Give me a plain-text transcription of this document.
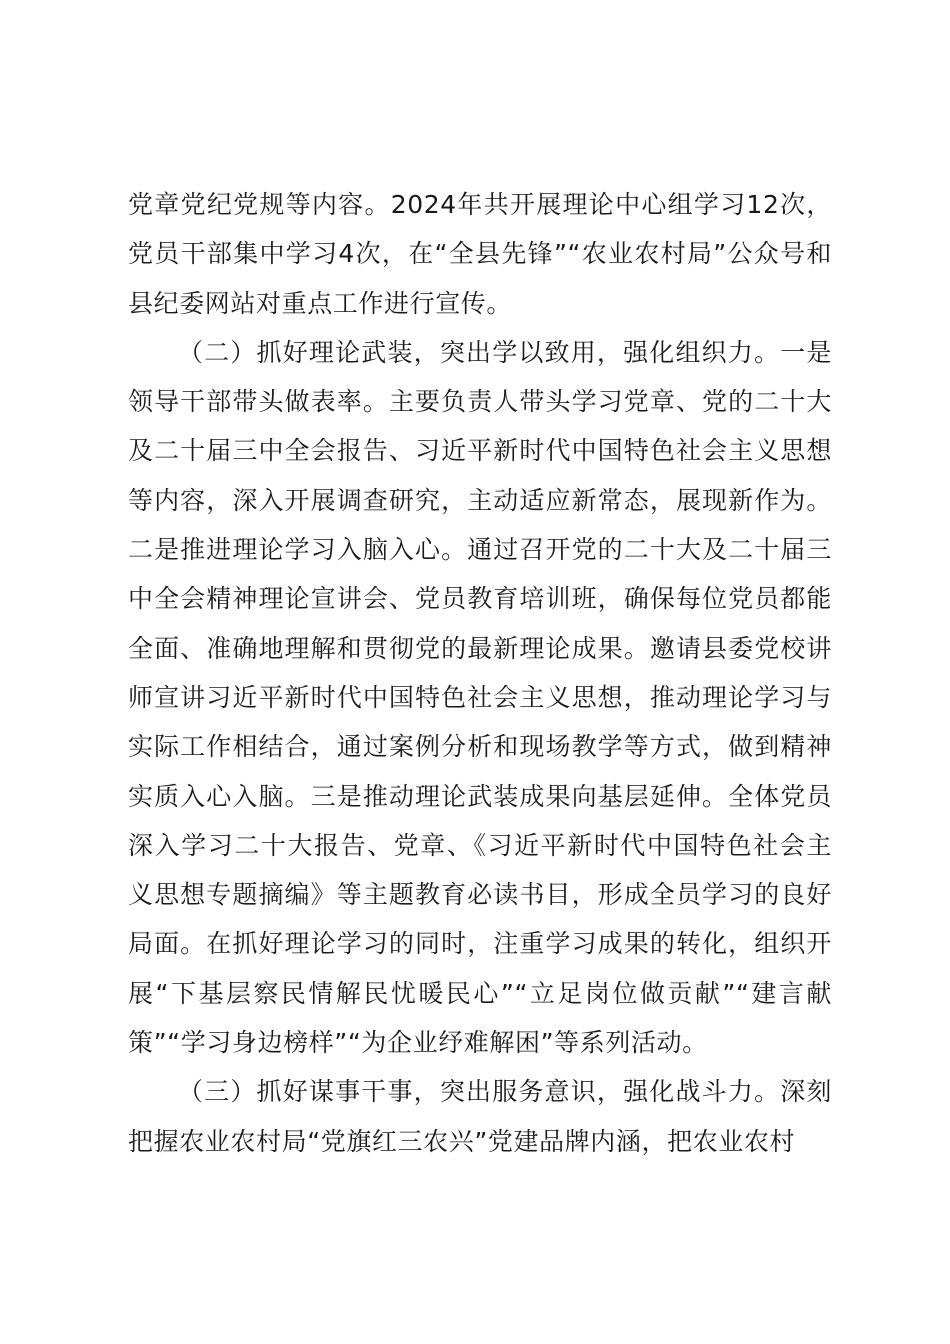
党章党纪党规等内容。2024年共开展理论中心组学习12次，党员干部集中学习4次，在“全县先锋”“农业农村局”公众号和县纪委网站对重点工作进行宣传。

（二）抓好理论武装，突出学以致用，强化组织力。一是领导干部带头做表率。主要负责人带头学习党章、党的二十大及二十届三中全会报告、习近平新时代中国特色社会主义思想等内容，深入开展调查研究，主动适应新常态，展现新作为。二是推进理论学习入脑入心。通过召开党的二十大及二十届三中全会精神理论宣讲会、党员教育培训班，确保每位党员都能全面、准确地理解和贯彻党的最新理论成果。邀请县委党校讲师宣讲习近平新时代中国特色社会主义思想，推动理论学习与实际工作相结合，通过案例分析和现场教学等方式，做到精神实质入心入脑。三是推动理论武装成果向基层延伸。全体党员深入学习二十大报告、党章、《习近平新时代中国特色社会主义思想专题摘编》等主题教育必读书目，形成全员学习的良好局面。在抓好理论学习的同时，注重学习成果的转化，组织开展“下基层察民情解民忧暖民心”“立足岗位做贡献”“建言献策”“学习身边榜样”“为企业纾难解困”等系列活动。

（三）抓好谋事干事，突出服务意识，强化战斗力。深刻把握农业农村局“党旗红三农兴”党建品牌内涵，把农业农村
